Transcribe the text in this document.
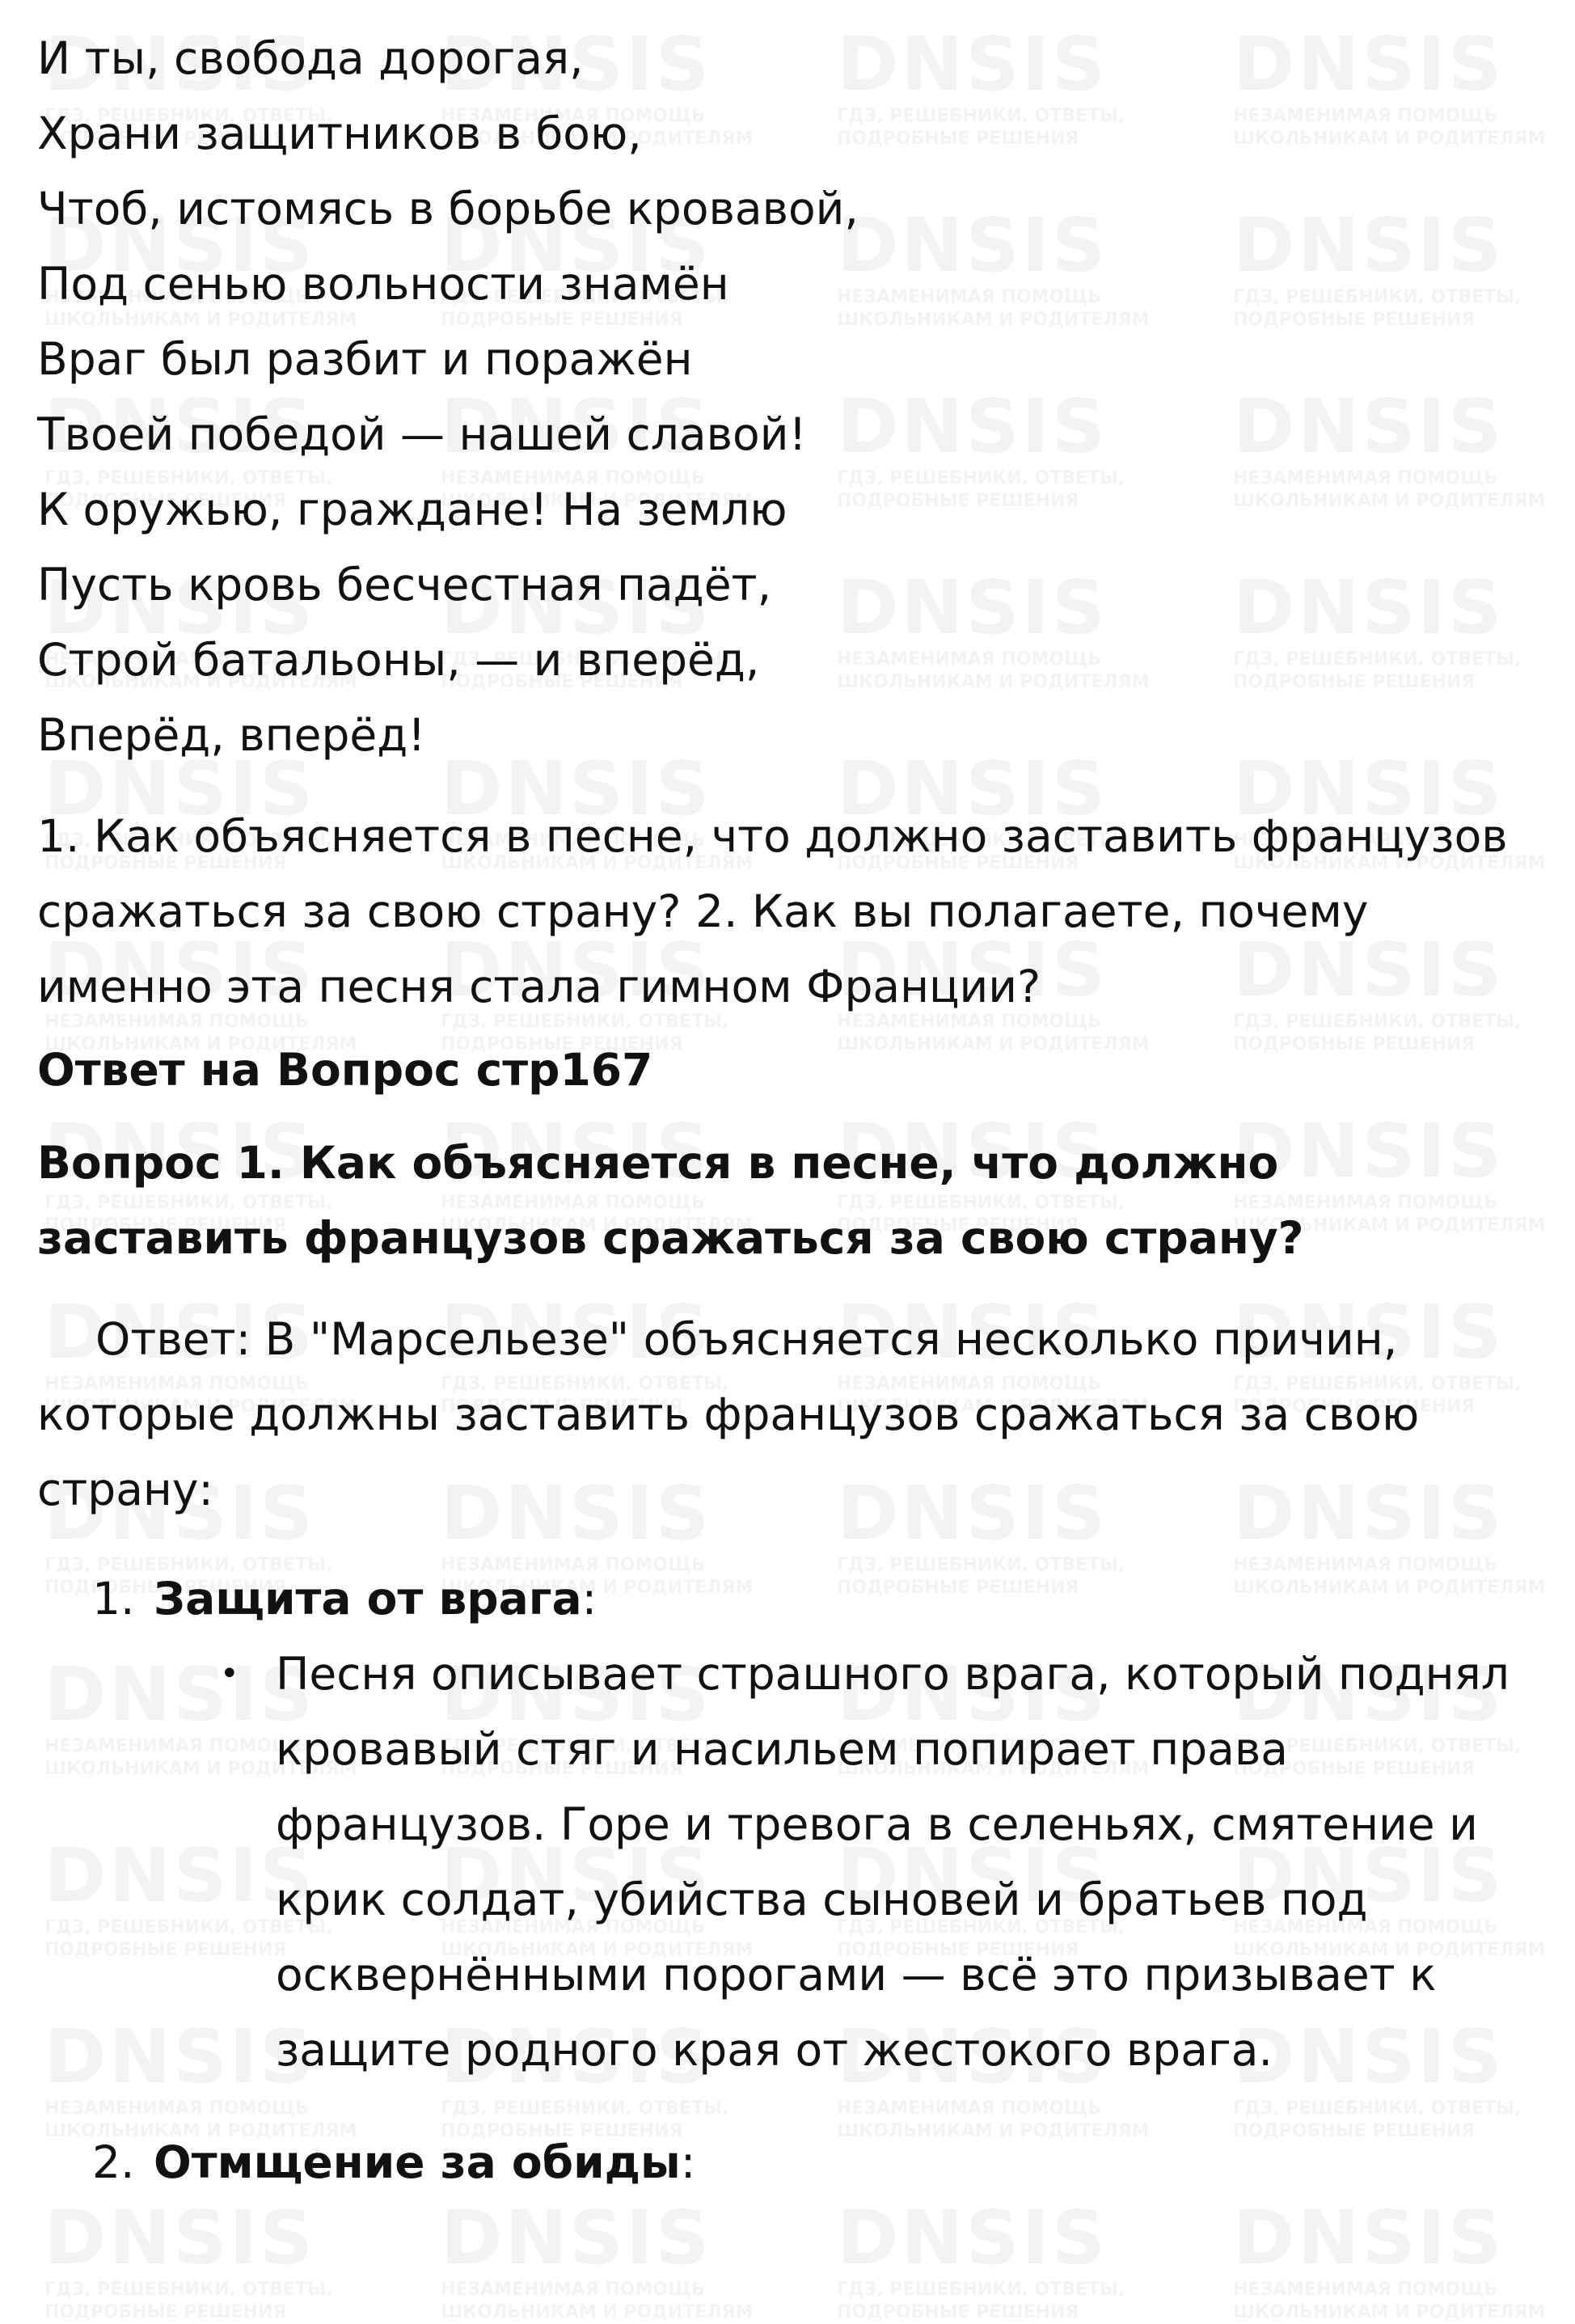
И ты, свобода дорогая,
Храни защитников в бою,
Чтоб, истомясь в борьбе кровавой,
Под сенью вольности знамён
Враг был разбит и поражён
Твоей победой — нашей славой!
К оружью, граждане! На землю
Пусть кровь бесчестная падёт,
Строй батальоны, — и вперёд,
Вперёд, вперёд!
1. Как объясняется в песне, что должно заставить французов сражаться за свою страну? 2. Как вы полагаете, почему именно эта песня стала гимном Франции?
Ответ на Вопрос стр167
Вопрос 1. Как объясняется в песне, что должно заставить французов сражаться за свою страну?
Ответ: В "Марсельезе" объясняется несколько причин, которые должны заставить французов сражаться за свою страну:
1. Защита от врага:
• Песня описывает страшного врага, который поднял кровавый стяг и насильем попирает права французов. Горе и тревога в селеньях, смятение и крик солдат, убийства сыновей и братьев под осквернёнными порогами — всё это призывает к защите родного края от жестокого врага.
2. Отмщение за обиды:
